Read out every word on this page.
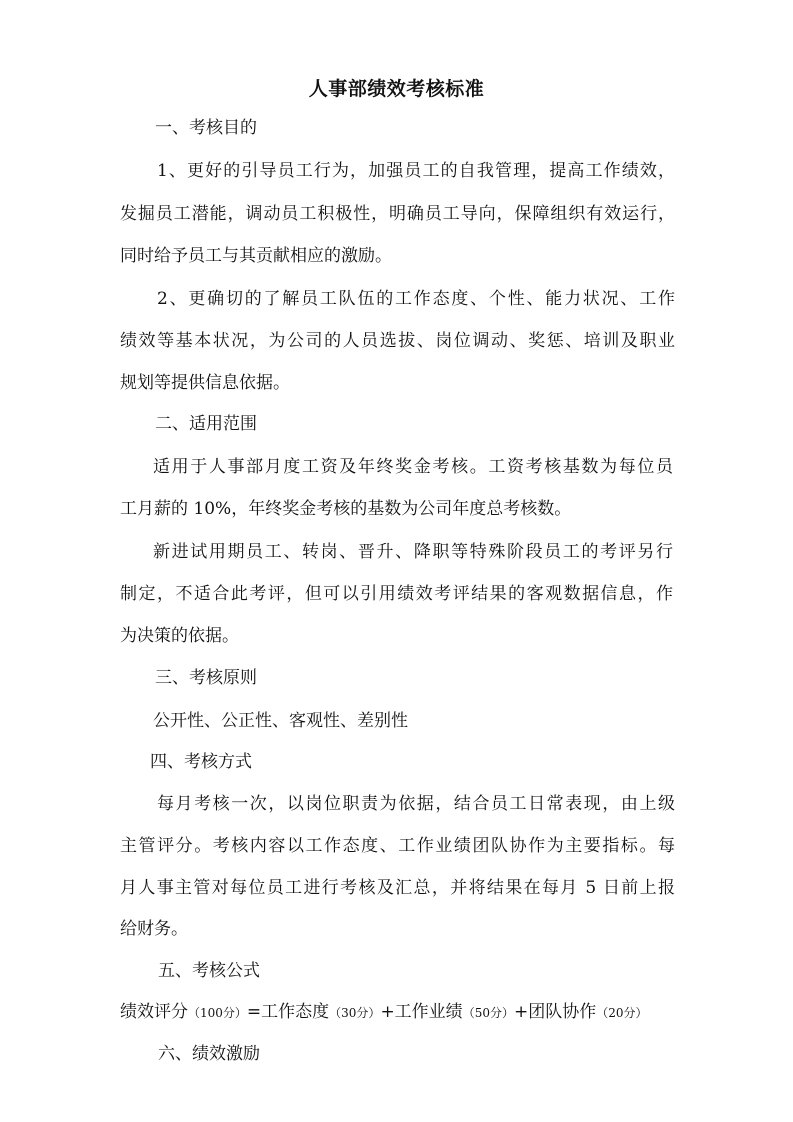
人事部绩效考核标准
一、考核目的
1、更好的引导员工行为，加强员工的自我管理，提高工作绩效，
发掘员工潜能，调动员工积极性，明确员工导向，保障组织有效运行，
同时给予员工与其贡献相应的激励。
2、更确切的了解员工队伍的工作态度、个性、能力状况、工作
绩效等基本状况，为公司的人员选拔、岗位调动、奖惩、培训及职业
规划等提供信息依据。
二、适用范围
适用于人事部月度工资及年终奖金考核。工资考核基数为每位员
工月薪的 10%，年终奖金考核的基数为公司年度总考核数。
新进试用期员工、转岗、晋升、降职等特殊阶段员工的考评另行
制定，不适合此考评，但可以引用绩效考评结果的客观数据信息，作
为决策的依据。
三、考核原则
公开性、公正性、客观性、差别性
四、考核方式
每月考核一次，以岗位职责为依据，结合员工日常表现，由上级
主管评分。考核内容以工作态度、工作业绩团队协作为主要指标。每
月人事主管对每位员工进行考核及汇总，并将结果在每月 5 日前上报
给财务。
五、考核公式
绩效评分（100分）=工作态度（30分）+工作业绩（50分）+团队协作（20分）
六、绩效激励
